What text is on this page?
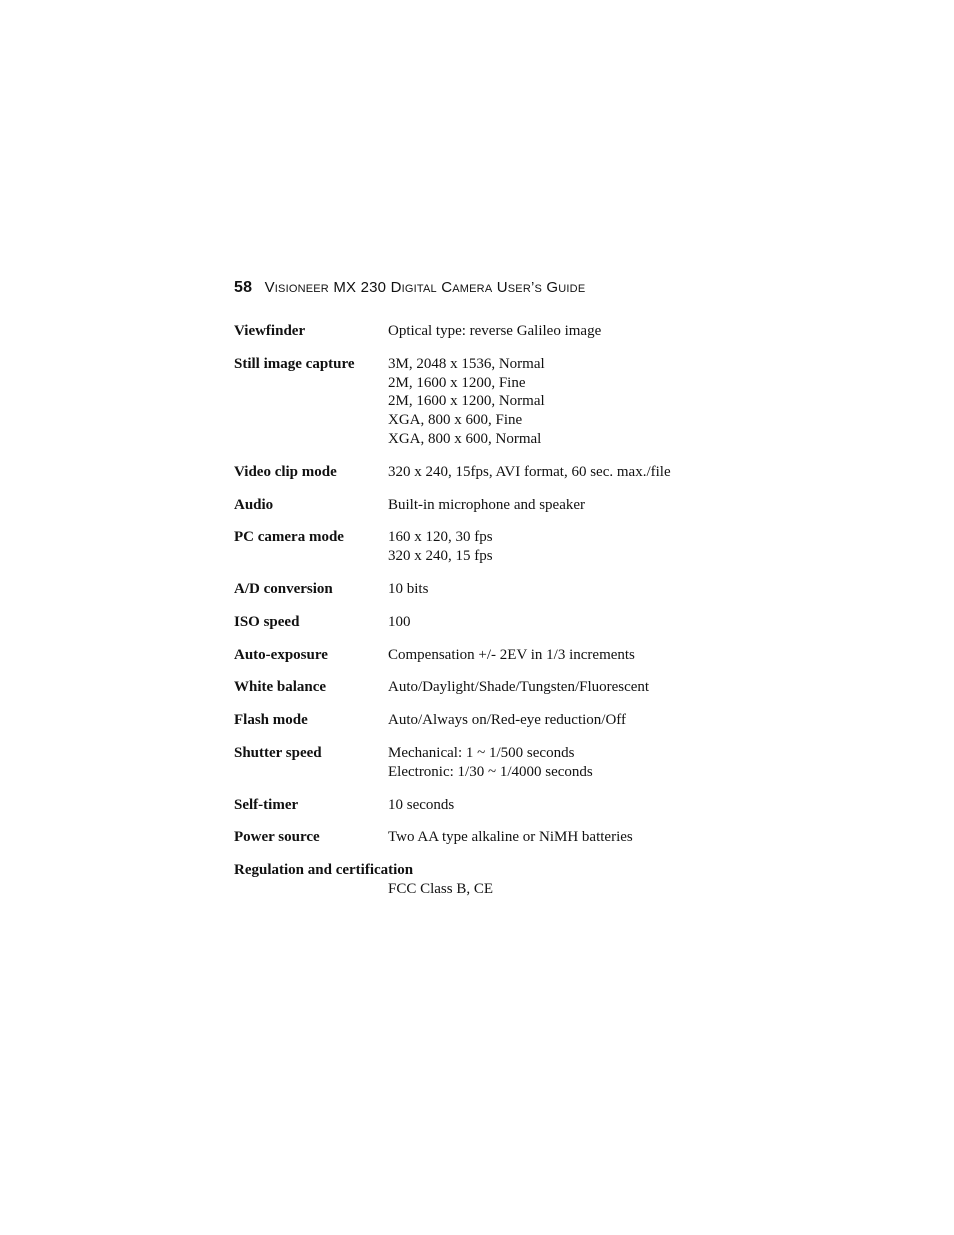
58 Visioneer MX 230 Digital Camera User’s Guide
Viewfinder	Optical type: reverse Galileo image
Still image capture	3M, 2048 x 1536, Normal
2M, 1600 x 1200, Fine
2M, 1600 x 1200, Normal
XGA, 800 x 600, Fine
XGA, 800 x 600, Normal
Video clip mode	320 x 240, 15fps, AVI format, 60 sec. max./file
Audio	Built-in microphone and speaker
PC camera mode	160 x 120, 30 fps
320 x 240, 15 fps
A/D conversion	10 bits
ISO speed	100
Auto-exposure	Compensation +/- 2EV in 1/3 increments
White balance	Auto/Daylight/Shade/Tungsten/Fluorescent
Flash mode	Auto/Always on/Red-eye reduction/Off
Shutter speed	Mechanical: 1 ~ 1/500 seconds
Electronic: 1/30 ~ 1/4000 seconds
Self-timer	10 seconds
Power source	Two AA type alkaline or NiMH batteries
Regulation and certification
FCC Class B, CE
